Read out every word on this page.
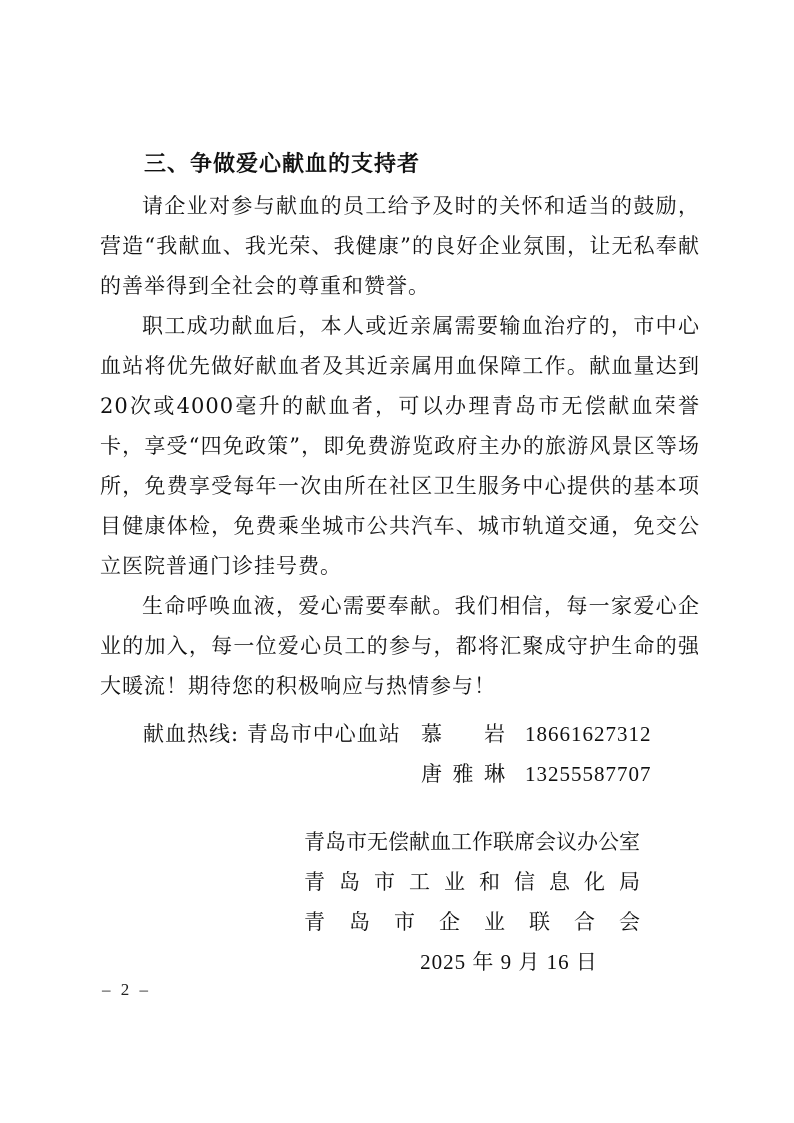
三、争做爱心献血的支持者

请企业对参与献血的员工给予及时的关怀和适当的鼓励，营造“我献血、我光荣、我健康”的良好企业氛围，让无私奉献的善举得到全社会的尊重和赞誉。

职工成功献血后，本人或近亲属需要输血治疗的，市中心血站将优先做好献血者及其近亲属用血保障工作。献血量达到20次或4000毫升的献血者，可以办理青岛市无偿献血荣誉卡，享受“四免政策”，即免费游览政府主办的旅游风景区等场所，免费享受每年一次由所在社区卫生服务中心提供的基本项目健康体检，免费乘坐城市公共汽车、城市轨道交通，免交公立医院普通门诊挂号费。

生命呼唤血液，爱心需要奉献。我们相信，每一家爱心企业的加入，每一位爱心员工的参与，都将汇聚成守护生命的强大暖流！期待您的积极响应与热情参与！

献血热线: 青岛市中心血站 慕 岩 18661627312
唐 雅 琳 13255587707
青 岛 市 无 偿 献 血 工 作 联 席 会 议 办 公 室
青 岛 市 工 业 和 信 息 化 局
青 岛 市 企 业 联 合 会
2025 年 9 月 16 日
– 2 –
